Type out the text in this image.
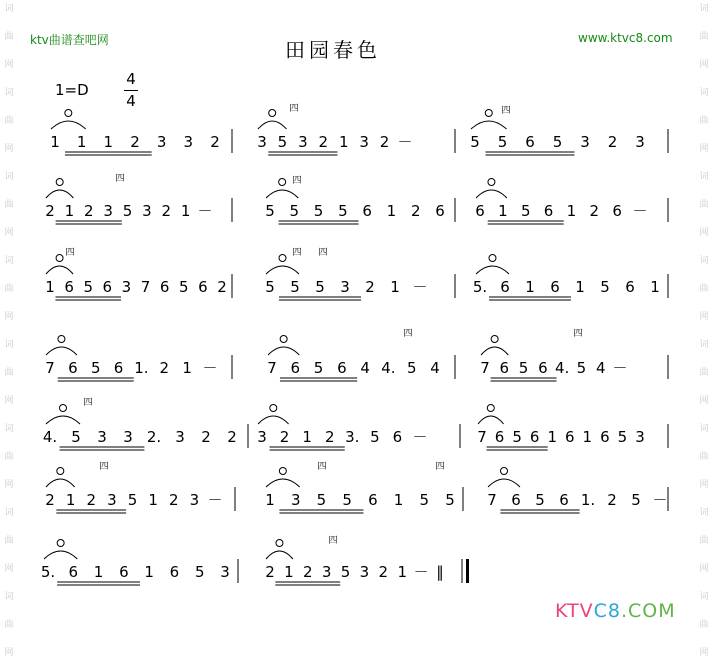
词
曲
网
词
曲
网
词
曲
网
词
曲
网
词
曲
网
词
曲
网
词
曲
网
词
曲
网
词
曲
网
词
曲
网
词
曲
网
词
曲
网
词
曲
网
词
曲
网
词
曲
网
词
曲
网
ktv曲谱查吧网	www.ktvc8.com
田园春色
1=D
4
4
1 1 1 2 3 3 2 3 5 3 2 1 3 2 －	5 5 6 5 3 2 3
2 1 2 3 5 3 2 1 －	5 5 5 5 6 1 2 6 6 1 5 6 1 2 6 －
1 6 5 6 3 7 6 5 6 2	5 5 5 3 2 1 －	5. 6 1 6 1 5 6 1
7 6 5 6 1. 2 1 －	7 6 5 6 4 4. 5 4	7 6 5 6 4. 5 4 －
4. 5 3 3 2. 3 2 2 3 2 1 2 3. 5 6 －	7 6 5 6 1 6 1 6 5 3
2 1 2 3 5 1 2 3 －	1 3 5 5 6 1 5 5 7 6 5 6 1. 2 5 －
5. 6 1 6 1 6 5 3 2 1 2 3 5 3 2 1 － ‖
四	四
四	四
四	四 四
四	四
四
四	四	四
四
KTVC8.COM
